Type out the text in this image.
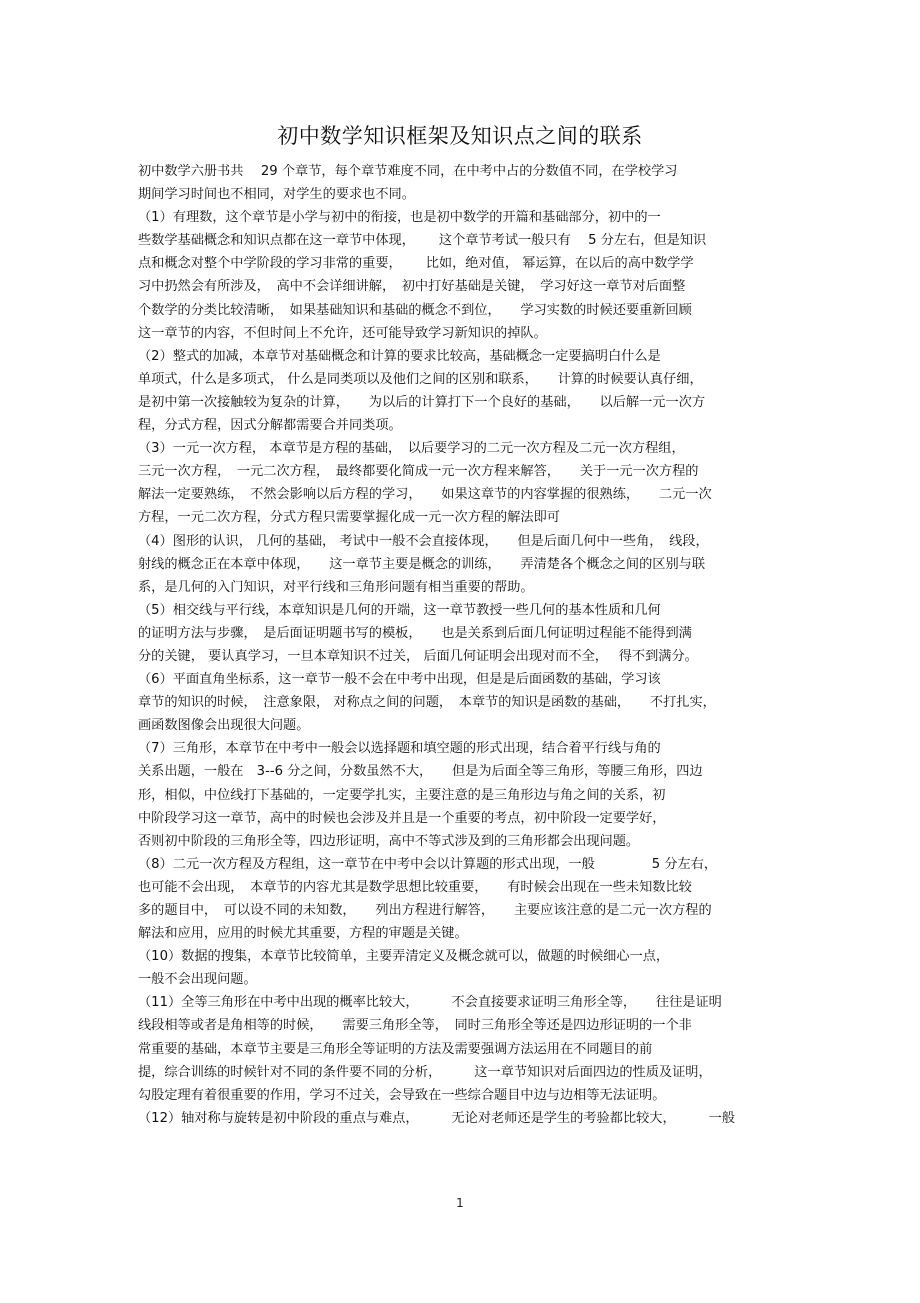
初中数学知识框架及知识点之间的联系
初中数学六册书共　 29 个章节，每个章节难度不同，在中考中占的分数值不同，在学校学习
期间学习时间也不相同，对学生的要求也不同。
（1）有理数，这个章节是小学与初中的衔接，也是初中数学的开篇和基础部分，初中的一
些数学基础概念和知识点都在这一章节中体现，　　 这个章节考试一般只有　 5 分左右，但是知识
点和概念对整个中学阶段的学习非常的重要，　　 比如，绝对值， 幂运算，在以后的高中数学学
习中扔然会有所涉及，　高中不会详细讲解，　初中打好基础是关键，　学习好这一章节对后面整
个数学的分类比较清晰，　如果基础知识和基础的概念不到位，　　学习实数的时候还要重新回顾
这一章节的内容，不但时间上不允许，还可能导致学习新知识的掉队。
（2）整式的加减，本章节对基础概念和计算的要求比较高，基础概念一定要搞明白什么是
单项式，什么是多项式， 什么是同类项以及他们之间的区别和联系，　　计算的时候要认真仔细，
是初中第一次接触较为复杂的计算，　　为以后的计算打下一个良好的基础，　　以后解一元一次方
程，分式方程，因式分解都需要合并同类项。
（3）一元一次方程， 本章节是方程的基础，　以后要学习的二元一次方程及二元一次方程组，
三元一次方程，　一元二次方程，　最终都要化简成一元一次方程来解答，　　关于一元一次方程的
解法一定要熟练，　不然会影响以后方程的学习，　　如果这章节的内容掌握的很熟练，　　二元一次
方程，一元二次方程，分式方程只需要掌握化成一元一次方程的解法即可
（4）图形的认识， 几何的基础， 考试中一般不会直接体现，　　但是后面几何中一些角，　线段，
射线的概念正在本章中体现，　　这一章节主要是概念的训练，　　弄清楚各个概念之间的区别与联
系，是几何的入门知识，对平行线和三角形问题有相当重要的帮助。
（5）相交线与平行线，本章知识是几何的开端，这一章节教授一些几何的基本性质和几何
的证明方法与步骤，　是后面证明题书写的模板，　　也是关系到后面几何证明过程能不能得到满
分的关键， 要认真学习，一旦本章知识不过关， 后面几何证明会出现对而不全，　 得不到满分。
（6）平面直角坐标系，这一章节一般不会在中考中出现，但是是后面函数的基础，学习该
章节的知识的时候，　注意象限， 对称点之间的问题，　本章节的知识是函数的基础，　　不打扎实，
画函数图像会出现很大问题。
（7）三角形，本章节在中考中一般会以选择题和填空题的形式出现，结合着平行线与角的
关系出题，一般在　3--6 分之间，分数虽然不大，　　但是为后面全等三角形，等腰三角形，四边
形，相似，中位线打下基础的，一定要学扎实，主要注意的是三角形边与角之间的关系，初
中阶段学习这一章节，高中的时候也会涉及并且是一个重要的考点，初中阶段一定要学好，
否则初中阶段的三角形全等，四边形证明，高中不等式涉及到的三角形都会出现问题。
（8）二元一次方程及方程组，这一章节在中考中会以计算题的形式出现，一般　　　　 5 分左右，
也可能不会出现，　本章节的内容尤其是数学思想比较重要，　　有时候会出现在一些未知数比较
多的题目中，　可以设不同的未知数，　　列出方程进行解答，　　主要应该注意的是二元一次方程的
解法和应用，应用的时候尤其重要，方程的审题是关键。
（10）数据的搜集，本章节比较简单，主要弄清定义及概念就可以，做题的时候细心一点，
一般不会出现问题。
（11）全等三角形在中考中出现的概率比较大，　　　不会直接要求证明三角形全等，　　往往是证明
线段相等或者是角相等的时候，　　需要三角形全等，　同时三角形全等还是四边形证明的一个非
常重要的基础，本章节主要是三角形全等证明的方法及需要强调方法运用在不同题目的前
提，综合训练的时候针对不同的条件要不同的分析，　　　这一章节知识对后面四边的性质及证明，
勾股定理有着很重要的作用，学习不过关，会导致在一些综合题目中边与边相等无法证明。
（12）轴对称与旋转是初中阶段的重点与难点，　　　无论对老师还是学生的考验都比较大，　　　一般
1
